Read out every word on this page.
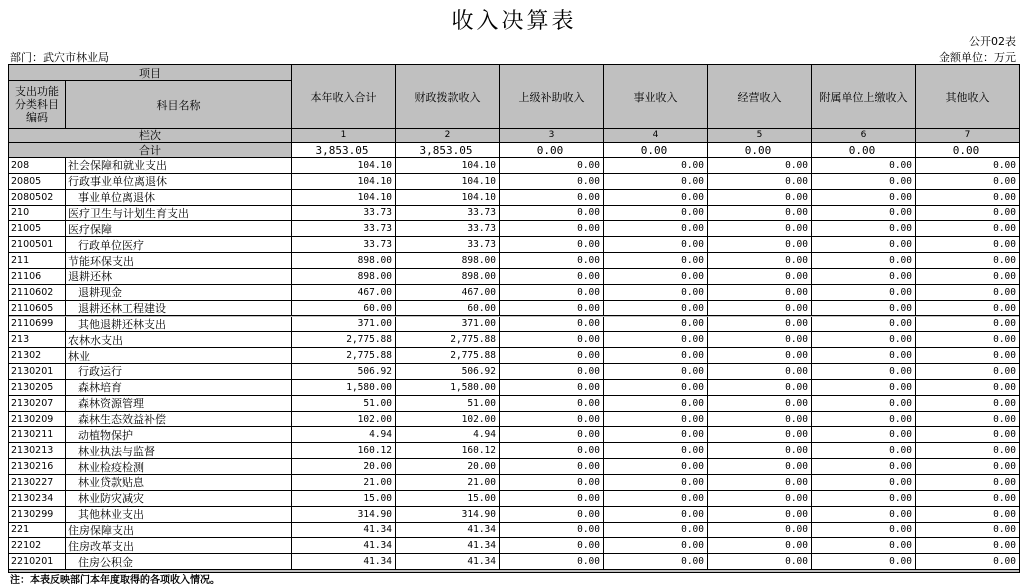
收入决算表
公开02表
部门：武穴市林业局	金额单位：万元
项目
支出功能分类科目编码
科目名称
本年收入合计	财政拨款收入	上级补助收入	事业收入	经营收入	附属单位上缴收入	其他收入
栏次	1	2	3	4	5	6	7
合计	3,853.05	3,853.05	0.00	0.00	0.00	0.00	0.00
208	社会保障和就业支出	104.10	104.10	0.00	0.00	0.00	0.00	0.00
20805	行政事业单位离退休	104.10	104.10	0.00	0.00	0.00	0.00	0.00
2080502	事业单位离退休	104.10	104.10	0.00	0.00	0.00	0.00	0.00
210	医疗卫生与计划生育支出	33.73	33.73	0.00	0.00	0.00	0.00	0.00
21005	医疗保障	33.73	33.73	0.00	0.00	0.00	0.00	0.00
2100501	行政单位医疗	33.73	33.73	0.00	0.00	0.00	0.00	0.00
211	节能环保支出	898.00	898.00	0.00	0.00	0.00	0.00	0.00
21106	退耕还林	898.00	898.00	0.00	0.00	0.00	0.00	0.00
2110602	退耕现金	467.00	467.00	0.00	0.00	0.00	0.00	0.00
2110605	退耕还林工程建设	60.00	60.00	0.00	0.00	0.00	0.00	0.00
2110699	其他退耕还林支出	371.00	371.00	0.00	0.00	0.00	0.00	0.00
213	农林水支出	2,775.88	2,775.88	0.00	0.00	0.00	0.00	0.00
21302	林业	2,775.88	2,775.88	0.00	0.00	0.00	0.00	0.00
2130201	行政运行	506.92	506.92	0.00	0.00	0.00	0.00	0.00
2130205	森林培育	1,580.00	1,580.00	0.00	0.00	0.00	0.00	0.00
2130207	森林资源管理	51.00	51.00	0.00	0.00	0.00	0.00	0.00
2130209	森林生态效益补偿	102.00	102.00	0.00	0.00	0.00	0.00	0.00
2130211	动植物保护	4.94	4.94	0.00	0.00	0.00	0.00	0.00
2130213	林业执法与监督	160.12	160.12	0.00	0.00	0.00	0.00	0.00
2130216	林业检疫检测	20.00	20.00	0.00	0.00	0.00	0.00	0.00
2130227	林业贷款贴息	21.00	21.00	0.00	0.00	0.00	0.00	0.00
2130234	林业防灾减灾	15.00	15.00	0.00	0.00	0.00	0.00	0.00
2130299	其他林业支出	314.90	314.90	0.00	0.00	0.00	0.00	0.00
221	住房保障支出	41.34	41.34	0.00	0.00	0.00	0.00	0.00
22102	住房改革支出	41.34	41.34	0.00	0.00	0.00	0.00	0.00
2210201	住房公积金	41.34	41.34	0.00	0.00	0.00	0.00	0.00
注：本表反映部门本年度取得的各项收入情况。
